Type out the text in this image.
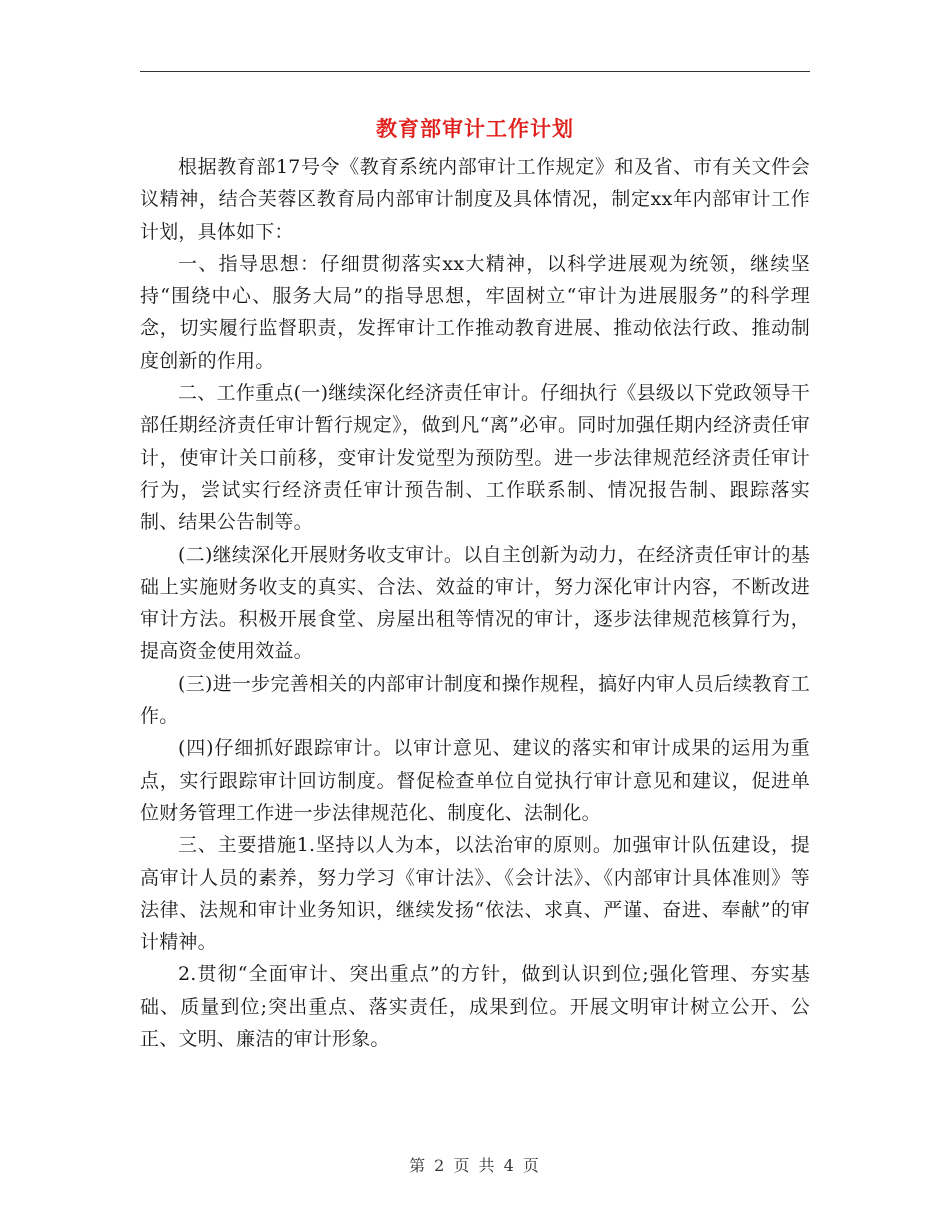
教育部审计工作计划

根据教育部17号令《教育系统内部审计工作规定》和及省、市有关文件会议精神，结合芙蓉区教育局内部审计制度及具体情况，制定xx年内部审计工作计划，具体如下：

一、指导思想：仔细贯彻落实xx大精神，以科学进展观为统领，继续坚持“围绕中心、服务大局”的指导思想，牢固树立“审计为进展服务”的科学理念，切实履行监督职责，发挥审计工作推动教育进展、推动依法行政、推动制度创新的作用。

二、工作重点(一)继续深化经济责任审计。仔细执行《县级以下党政领导干部任期经济责任审计暂行规定》，做到凡“离”必审。同时加强任期内经济责任审计，使审计关口前移，变审计发觉型为预防型。进一步法律规范经济责任审计行为，尝试实行经济责任审计预告制、工作联系制、情况报告制、跟踪落实制、结果公告制等。

(二)继续深化开展财务收支审计。以自主创新为动力，在经济责任审计的基础上实施财务收支的真实、合法、效益的审计，努力深化审计内容，不断改进审计方法。积极开展食堂、房屋出租等情况的审计，逐步法律规范核算行为，提高资金使用效益。

(三)进一步完善相关的内部审计制度和操作规程，搞好内审人员后续教育工作。

(四)仔细抓好跟踪审计。以审计意见、建议的落实和审计成果的运用为重点，实行跟踪审计回访制度。督促检查单位自觉执行审计意见和建议，促进单位财务管理工作进一步法律规范化、制度化、法制化。

三、主要措施1.坚持以人为本，以法治审的原则。加强审计队伍建设，提高审计人员的素养，努力学习《审计法》、《会计法》、《内部审计具体准则》等法律、法规和审计业务知识，继续发扬“依法、求真、严谨、奋进、奉献”的审计精神。

2.贯彻“全面审计、突出重点”的方针，做到认识到位;强化管理、夯实基础、质量到位;突出重点、落实责任，成果到位。开展文明审计树立公开、公正、文明、廉洁的审计形象。

第 2 页 共 4 页
